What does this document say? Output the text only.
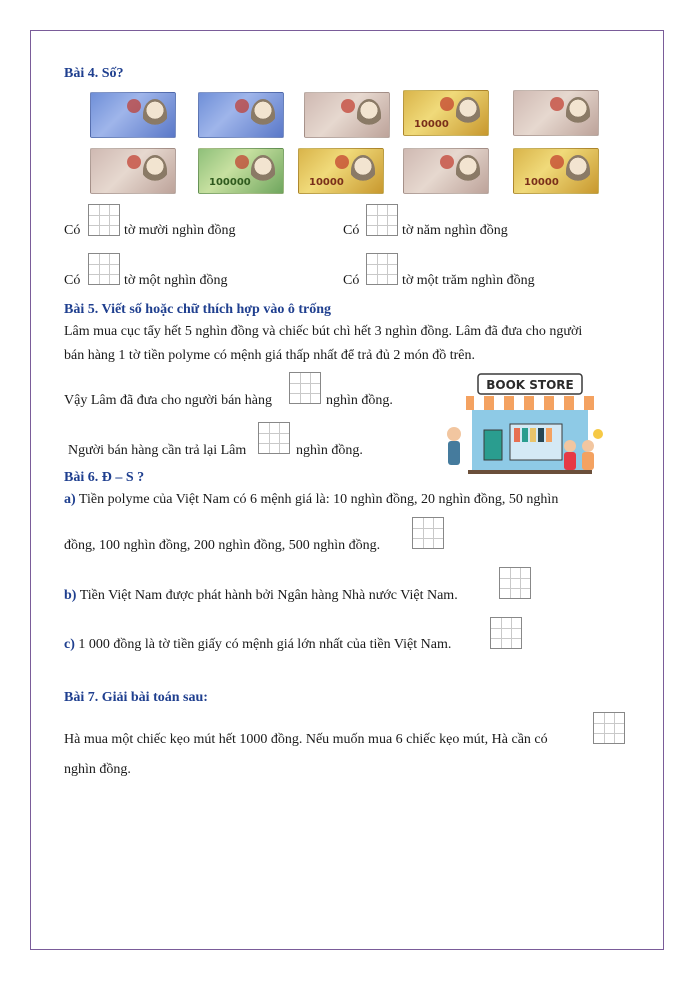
Bài 4. Số?
10000
100000	10000	10000
Có	tờ mười nghìn đồng	Có	tờ năm nghìn đồng
Có	tờ một nghìn đồng	Có	tờ một trăm nghìn đồng
Bài 5. Viết số hoặc chữ thích hợp vào ô trống
Lâm mua cục tẩy hết 5 nghìn đồng và chiếc bút chì hết 3 nghìn đồng. Lâm đã đưa cho người
bán hàng 1 tờ tiền polyme có mệnh giá thấp nhất để trả đủ 2 món đồ trên.
Vậy Lâm đã đưa cho người bán hàng	nghìn đồng.
Người bán hàng cần trả lại Lâm	nghìn đồng.
BOOK STORE
Bài 6. Đ – S ?
a) Tiền polyme của Việt Nam có 6 mệnh giá là: 10 nghìn đồng, 20 nghìn đồng, 50 nghìn
đồng, 100 nghìn đồng, 200 nghìn đồng, 500 nghìn đồng.
b) Tiền Việt Nam được phát hành bởi Ngân hàng Nhà nước Việt Nam.
c) 1 000 đồng là tờ tiền giấy có mệnh giá lớn nhất của tiền Việt Nam.
Bài 7. Giải bài toán sau:
Hà mua một chiếc kẹo mút hết 1000 đồng. Nếu muốn mua 6 chiếc kẹo mút, Hà cần có
nghìn đồng.
